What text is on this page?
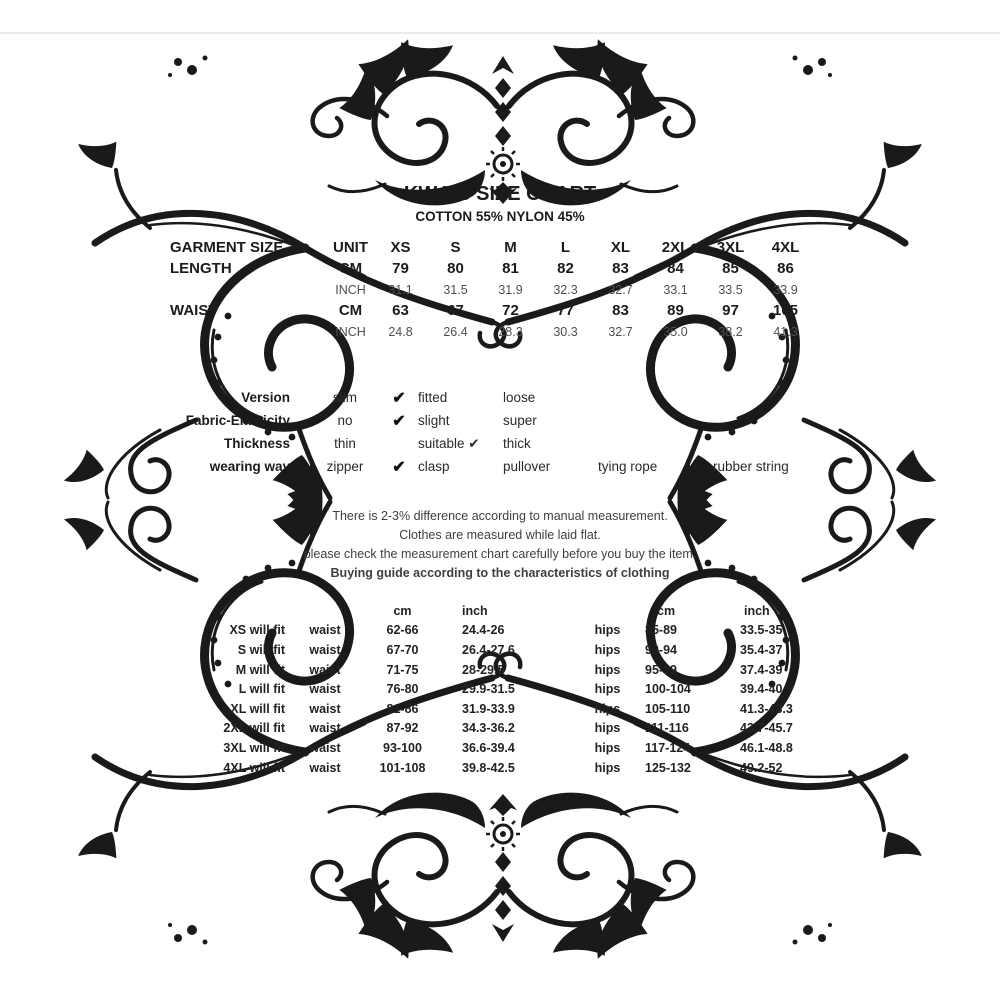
KW415 SIZE CHART
COTTON 55% NYLON 45%
GARMENT SIZE	UNIT	XS	S	M	L	XL	2XL	3XL	4XL
LENGTH	CM	79	80	81	82	83	84	85	86
INCH	31.1	31.5	31.9	32.3	32.7	33.1	33.5	33.9
WAIST	CM	63	67	72	77	83	89	97	105
INCH	24.8	26.4	28.3	30.3	32.7	35.0	38.2	41.3
Version	slim	✔ fitted	loose
Fabric-Elasticity	no	✔ slight	super
Thickness	thin	suitable ✔	thick
wearing way	zipper	✔ clasp	pullover	tying rope	rubber string

There is 2-3% difference according to manual measurement.

Clothes are measured while laid flat.

please check the measurement chart carefully before you buy the item.

Buying guide according to the characteristics of clothing

cm	inch	cm	inch
XS will fit	waist	62-66	24.4-26	hips	85-89	33.5-35
S will fit	waist	67-70	26.4-27.6	hips	90-94	35.4-37
M will fit	waist	71-75	28-29.5	hips	95-99	37.4-39
L will fit	waist	76-80	29.9-31.5	hips	100-104	39.4-40.9
XL will fit	waist	81-86	31.9-33.9	hips	105-110	41.3-43.3
2XL will fit	waist	87-92	34.3-36.2	hips	111-116	43.7-45.7
3XL will fit	waist	93-100	36.6-39.4	hips	117-124	46.1-48.8
4XL will fit	waist	101-108	39.8-42.5	hips	125-132	49.2-52
